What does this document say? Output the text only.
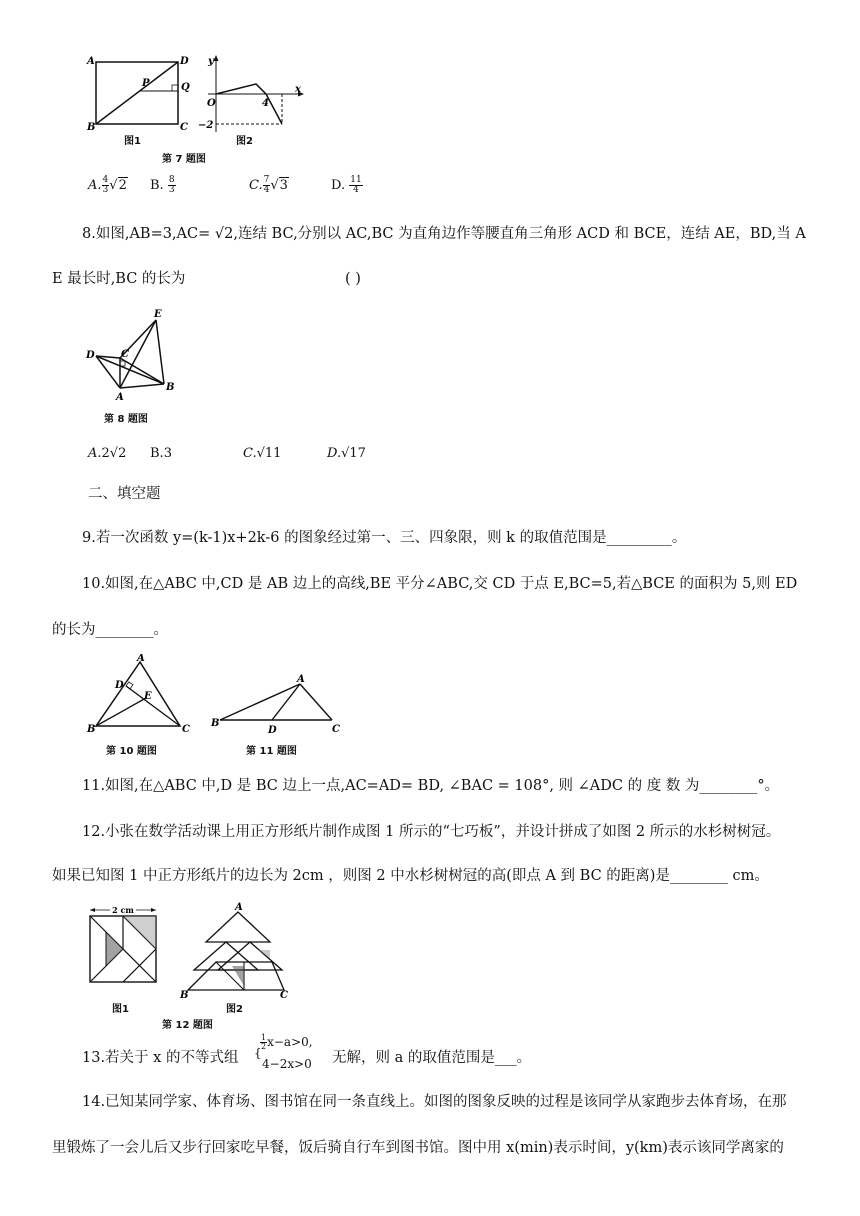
A	D
P	Q
B	C
图1
y
O	4
x
−2
图2
第 7 题图
A. $\frac{4}{3} √2$ B. $\frac{8}{3}$	C. $\frac{7}{4} √3$	D. $\frac{11}{4}$
8.如图,AB=3,AC= √2,连结 BC,分别以 AC,BC 为直角边作等腰直角三角形 ACD 和 BCE，连结 AE，BD,当 A
E 最长时,BC 的长为	( )
E
D	C
A
B
第 8 题图
A.2√2 B.3	C.√11	D.√17
二、填空题
9.若一次函数 y=(k-1)x+2k-6 的图象经过第一、三、四象限，则 k 的取值范围是_________。
10.如图,在△ABC 中,CD 是 AB 边上的高线,BE 平分∠ABC,交 CD 于点 E,BC=5,若△BCE 的面积为 5,则 ED
的长为________。
A
D
E
B	C
第 10 题图
A
B
D	C
第 11 题图
11.如图,在△ABC 中,D 是 BC 边上一点,AC=AD= BD, ∠BAC = 108°, 则 ∠ADC 的 度 数 为________°。
12.小张在数学活动课上用正方形纸片制作成图 1 所示的“七巧板”，并设计拼成了如图 2 所示的水杉树树冠。
如果已知图 1 中正方形纸片的边长为 2cm ，则图 2 中水杉树树冠的高(即点 A 到 BC 的距离)是________ cm。
2 cm
图1
A
B	C
图2
第 12 题图
13.若关于 x 的不等式组 {
$\frac{1}{2} x-a>0$,
4−2x>0 无解，则 a 的取值范围是___。
14.已知某同学家、体育场、图书馆在同一条直线上。如图的图象反映的过程是该同学从家跑步去体育场，在那
里锻炼了一会儿后又步行回家吃早餐，饭后骑自行车到图书馆。图中用 x(min)表示时间，y(km)表示该同学离家的
